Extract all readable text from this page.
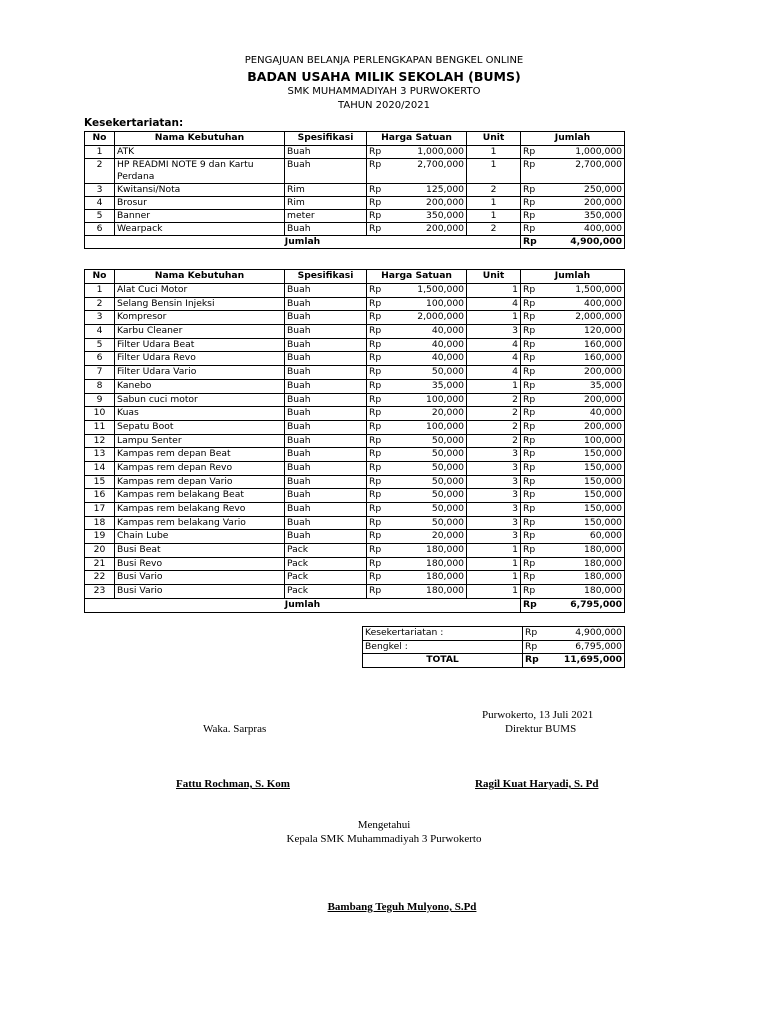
PENGAJUAN BELANJA PERLENGKAPAN BENGKEL ONLINE
BADAN USAHA MILIK SEKOLAH (BUMS)
SMK MUHAMMADIYAH 3 PURWOKERTO
TAHUN 2020/2021
Kesekertariatan:
No	Nama Kebutuhan	Spesifikasi	Harga Satuan		Unit	Jumlah	
1	ATK	Buah	Rp	1,000,000	1	Rp	1,000,000
2	HP READMI NOTE 9 dan Kartu Perdana	Buah	Rp	2,700,000	1	Rp	2,700,000
3	Kwitansi/Nota	Rim	Rp	125,000	2	Rp	250,000
4	Brosur	Rim	Rp	200,000	1	Rp	200,000
5	Banner	meter	Rp	350,000	1	Rp	350,000
6	Wearpack	Buah	Rp	200,000	2	Rp	400,000
Jumlah						Rp	4,900,000
No	Nama Kebutuhan	Spesifikasi	Harga Satuan		Unit	Jumlah	
1	Alat Cuci Motor	Buah	Rp	1,500,000	1	Rp	1,500,000
2	Selang Bensin Injeksi	Buah	Rp	100,000	4	Rp	400,000
3	Kompresor	Buah	Rp	2,000,000	1	Rp	2,000,000
4	Karbu Cleaner	Buah	Rp	40,000	3	Rp	120,000
5	Filter Udara Beat	Buah	Rp	40,000	4	Rp	160,000
6	Filter Udara Revo	Buah	Rp	40,000	4	Rp	160,000
7	Filter Udara Vario	Buah	Rp	50,000	4	Rp	200,000
8	Kanebo	Buah	Rp	35,000	1	Rp	35,000
9	Sabun cuci motor	Buah	Rp	100,000	2	Rp	200,000
10	Kuas	Buah	Rp	20,000	2	Rp	40,000
11	Sepatu Boot	Buah	Rp	100,000	2	Rp	200,000
12	Lampu Senter	Buah	Rp	50,000	2	Rp	100,000
13	Kampas rem depan Beat	Buah	Rp	50,000	3	Rp	150,000
14	Kampas rem depan Revo	Buah	Rp	50,000	3	Rp	150,000
15	Kampas rem depan Vario	Buah	Rp	50,000	3	Rp	150,000
16	Kampas rem belakang Beat	Buah	Rp	50,000	3	Rp	150,000
17	Kampas rem belakang Revo	Buah	Rp	50,000	3	Rp	150,000
18	Kampas rem belakang Vario	Buah	Rp	50,000	3	Rp	150,000
19	Chain Lube	Buah	Rp	20,000	3	Rp	60,000
20	Busi Beat	Pack	Rp	180,000	1	Rp	180,000
21	Busi Revo	Pack	Rp	180,000	1	Rp	180,000
22	Busi Vario	Pack	Rp	180,000	1	Rp	180,000
23	Busi Vario	Pack	Rp	180,000	1	Rp	180,000
Jumlah						Rp	6,795,000
Kesekertariatan :	Rp	4,900,000
Bengkel :	Rp	6,795,000
TOTAL	Rp	11,695,000
Purwokerto, 13 Juli 2021
Waka. Sarpras	Direktur BUMS
Fattu Rochman, S. Kom	Ragil Kuat Haryadi, S. Pd
Mengetahui
Kepala SMK Muhammadiyah 3 Purwokerto
Bambang Teguh Mulyono, S.Pd
